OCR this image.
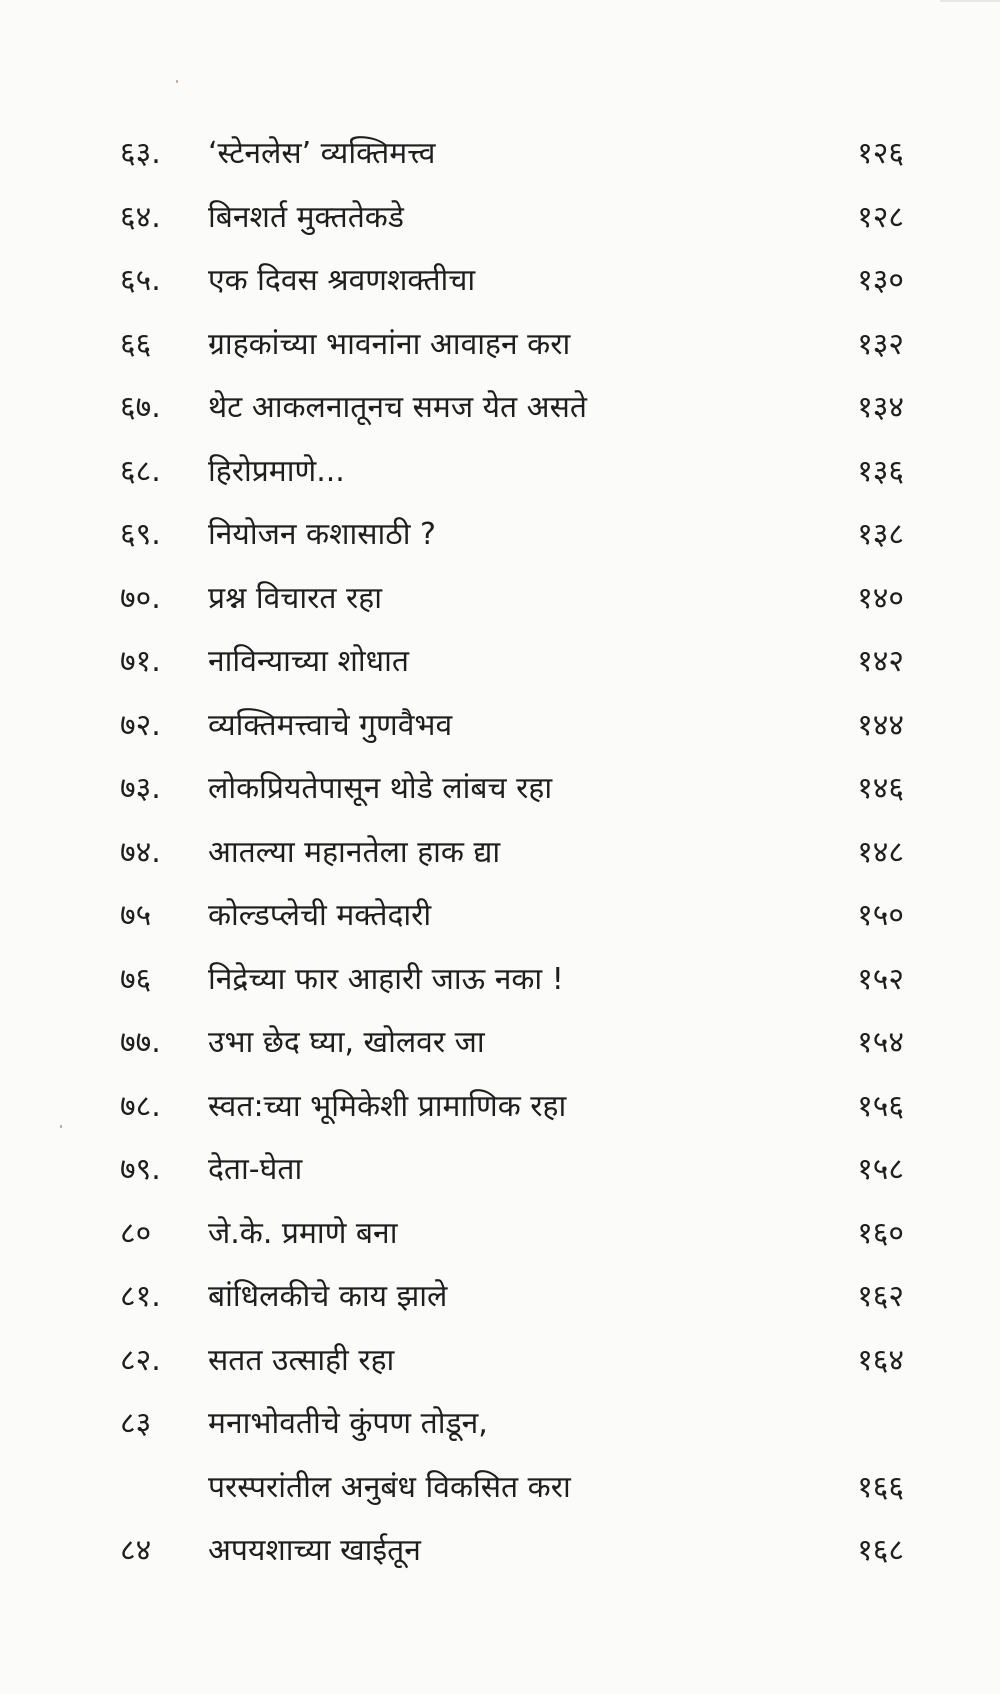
६३. ‘स्टेनलेस’ व्यक्तिमत्त्व	१२६
६४. बिनशर्त मुक्ततेकडे	१२८
६५. एक दिवस श्रवणशक्तीचा	१३०
६६ ग्राहकांच्या भावनांना आवाहन करा	१३२
६७. थेट आकलनातूनच समज येत असते	१३४
६८. हिरोप्रमाणे...	१३६
६९. नियोजन कशासाठी ?	१३८
७०. प्रश्न विचारत रहा	१४०
७१. नाविन्याच्या शोधात	१४२
७२. व्यक्तिमत्त्वाचे गुणवैभव	१४४
७३. लोकप्रियतेपासून थोडे लांबच रहा	१४६
७४. आतल्या महानतेला हाक द्या	१४८
७५ कोल्डप्लेची मक्तेदारी	१५०
७६ निद्रेच्या फार आहारी जाऊ नका !	१५२
७७. उभा छेद घ्या, खोलवर जा	१५४
७८. स्वत:च्या भूमिकेशी प्रामाणिक रहा	१५६
७९. देता-घेता	१५८
८० जे.के. प्रमाणे बना	१६०
८१. बांधिलकीचे काय झाले	१६२
८२. सतत उत्साही रहा	१६४
८३ मनाभोवतीचे कुंपण तोडून,
परस्परांतील अनुबंध विकसित करा	१६६
८४ अपयशाच्या खाईतून	१६८
